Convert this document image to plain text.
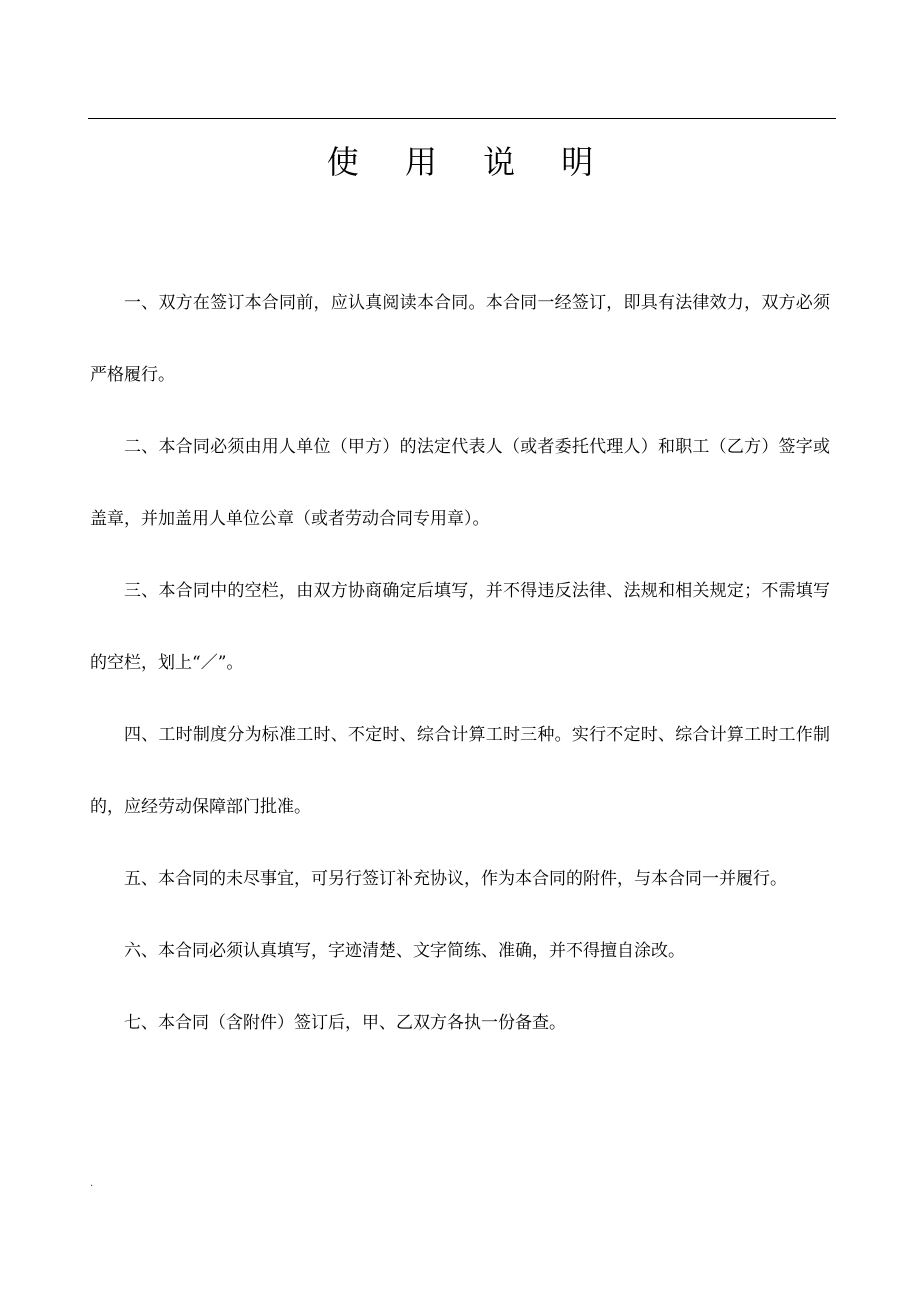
使 用 说 明

一、双方在签订本合同前，应认真阅读本合同。本合同一经签订，即具有法律效力，双方必须严格履行。

二、本合同必须由用人单位（甲方）的法定代表人（或者委托代理人）和职工（乙方）签字或盖章，并加盖用人单位公章（或者劳动合同专用章）。

三、本合同中的空栏，由双方协商确定后填写，并不得违反法律、法规和相关规定；不需填写的空栏，划上“／”。

四、工时制度分为标准工时、不定时、综合计算工时三种。实行不定时、综合计算工时工作制的，应经劳动保障部门批准。

五、本合同的未尽事宜，可另行签订补充协议，作为本合同的附件，与本合同一并履行。

六、本合同必须认真填写，字迹清楚、文字简练、准确，并不得擅自涂改。

七、本合同（含附件）签订后，甲、乙双方各执一份备查。

.
